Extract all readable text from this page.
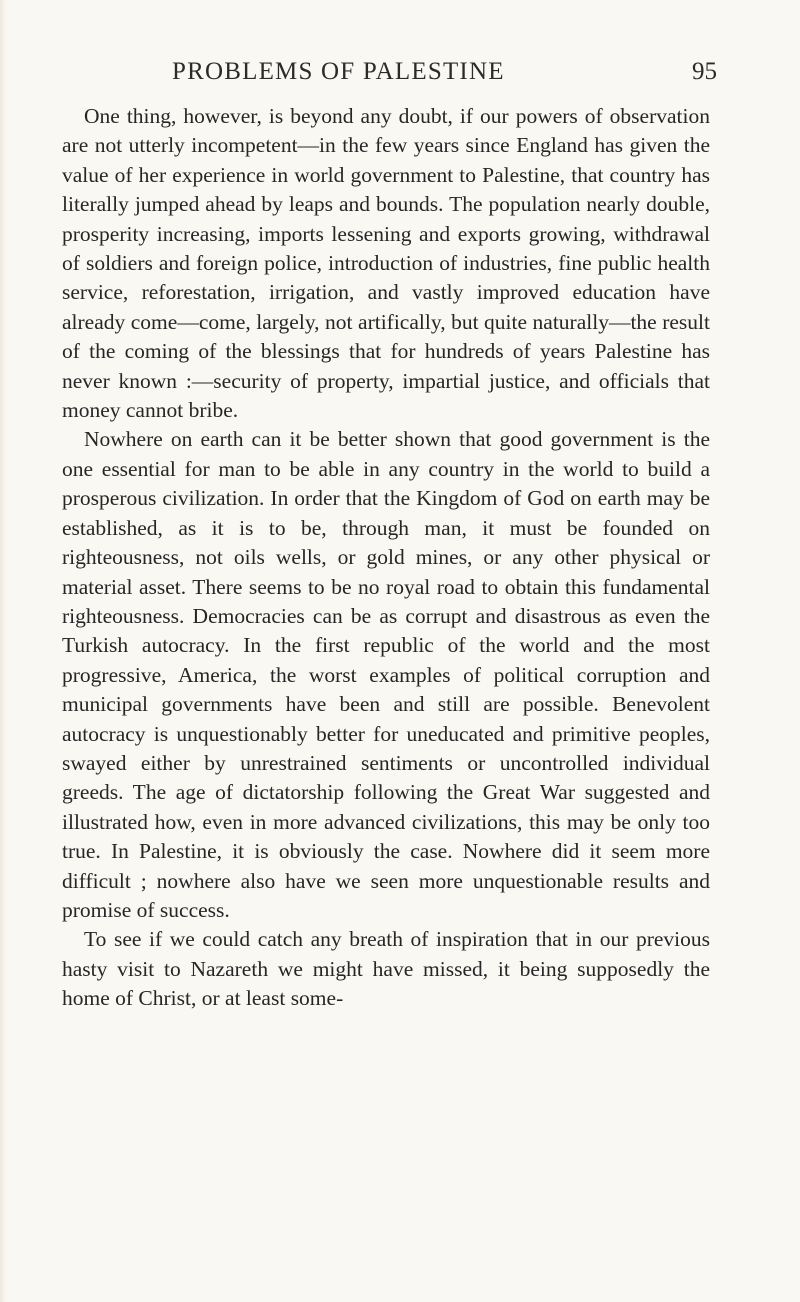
PROBLEMS OF PALESTINE	95

One thing, however, is beyond any doubt, if our powers of observation are not utterly incompetent—in the few years since England has given the value of her experience in world government to Palestine, that country has literally jumped ahead by leaps and bounds. The population nearly double, prosperity increasing, imports lessening and exports growing, withdrawal of soldiers and foreign police, introduction of industries, fine public health service, reforestation, irrigation, and vastly improved education have already come—come, largely, not artifically, but quite naturally—the result of the coming of the blessings that for hundreds of years Palestine has never known :—security of property, impartial justice, and officials that money cannot bribe.

Nowhere on earth can it be better shown that good government is the one essential for man to be able in any country in the world to build a prosperous civilization. In order that the Kingdom of God on earth may be established, as it is to be, through man, it must be founded on righteousness, not oils wells, or gold mines, or any other physical or material asset. There seems to be no royal road to obtain this fundamental righteousness. Democracies can be as corrupt and disastrous as even the Turkish autocracy. In the first republic of the world and the most progressive, America, the worst examples of political corruption and municipal governments have been and still are possible. Benevolent autocracy is unquestionably better for uneducated and primitive peoples, swayed either by unrestrained sentiments or uncontrolled individual greeds. The age of dictatorship following the Great War suggested and illustrated how, even in more advanced civilizations, this may be only too true. In Palestine, it is obviously the case. Nowhere did it seem more difficult ; nowhere also have we seen more unquestionable results and promise of success.

To see if we could catch any breath of inspiration that in our previous hasty visit to Nazareth we might have missed, it being supposedly the home of Christ, or at least some-
